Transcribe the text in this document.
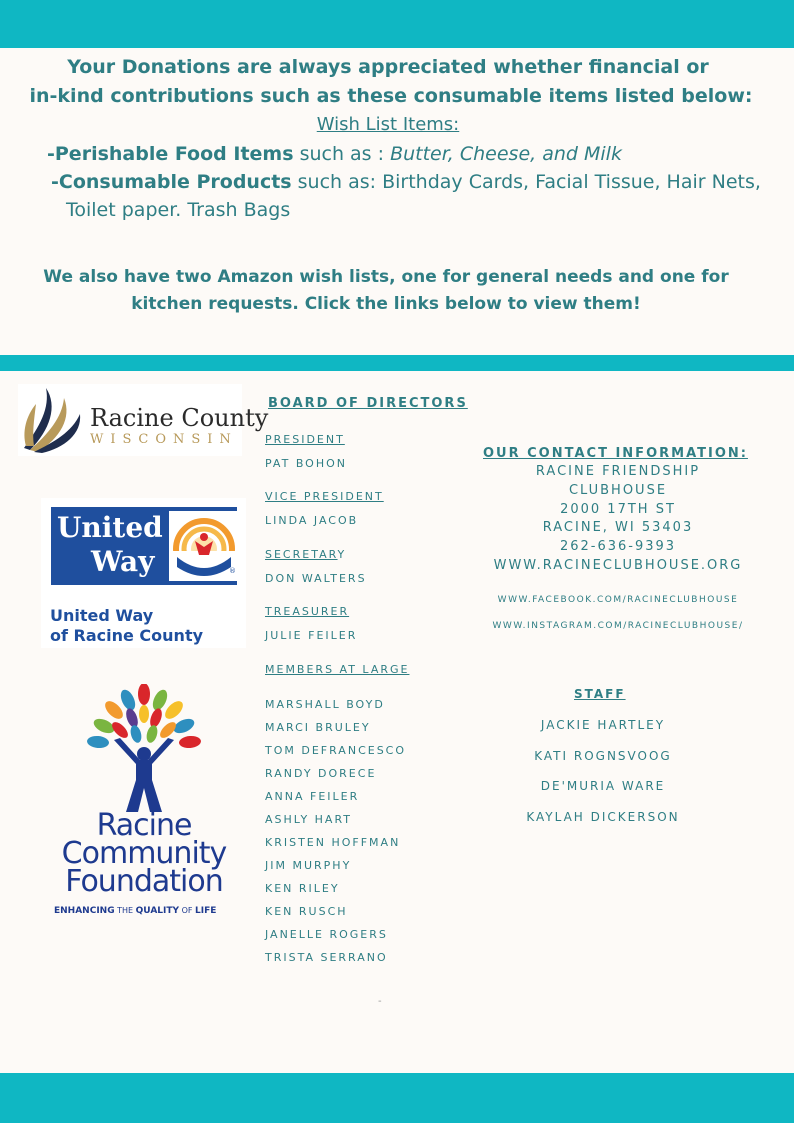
Your Donations are always appreciated whether financial or
in-kind contributions such as these consumable items listed below:
Wish List Items:
-Perishable Food Items such as : Butter, Cheese, and Milk
-Consumable Products such as: Birthday Cards, Facial Tissue, Hair Nets,
Toilet paper. Trash Bags
We also have two Amazon wish lists, one for general needs and one for
kitchen requests. Click the links below to view them!
Racine County
WISCONSIN
United
Way	®
United Way
of Racine County
Racine
Community
Foundation
ENHANCING THE QUALITY OF LIFE
BOARD OF DIRECTORS
PRESIDENT
PAT BOHON
VICE PRESIDENT
LINDA JACOB
SECRETARY
DON WALTERS
TREASURER
JULIE FEILER
MEMBERS AT LARGE
MARSHALL BOYD
MARCI BRULEY
TOM DEFRANCESCO
RANDY DORECE
ANNA FEILER
ASHLY HART
KRISTEN HOFFMAN
JIM MURPHY
KEN RILEY
KEN RUSCH
JANELLE ROGERS
TRISTA SERRANO
OUR CONTACT INFORMATION:
RACINE FRIENDSHIP
CLUBHOUSE
2000 17TH ST
RACINE, WI 53403
262-636-9393
WWW.RACINECLUBHOUSE.ORG
WWW.FACEBOOK.COM/RACINECLUBHOUSE
WWW.INSTAGRAM.COM/RACINECLUBHOUSE/
STAFF
JACKIE HARTLEY
KATI ROGNSVOOG
DE'MURIA WARE
KAYLAH DICKERSON
-
